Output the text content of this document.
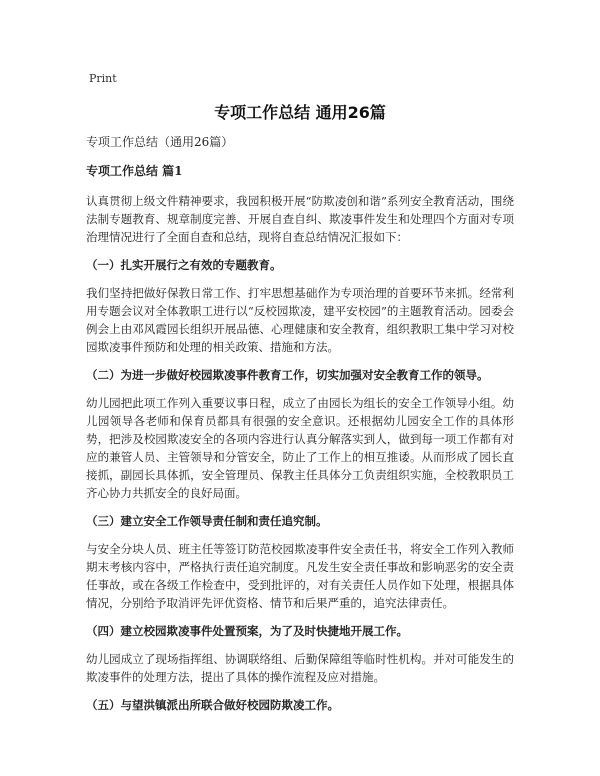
Print
专项工作总结 通用26篇
专项工作总结（通用26篇）
专项工作总结 篇1

认真贯彻上级文件精神要求，我园积极开展“防欺凌创和谐”系列安全教育活动，围绕法制专题教育、规章制度完善、开展自查自纠、欺凌事件发生和处理四个方面对专项治理情况进行了全面自查和总结，现将自查总结情况汇报如下：

（一）扎实开展行之有效的专题教育。

我们坚持把做好保教日常工作、打牢思想基础作为专项治理的首要环节来抓。经常利用专题会议对全体教职工进行以“反校园欺凌，建平安校园”的主题教育活动。园委会例会上由邓风霞园长组织开展品德、心理健康和安全教育，组织教职工集中学习对校园欺凌事件预防和处理的相关政策、措施和方法。

（二）为进一步做好校园欺凌事件教育工作，切实加强对安全教育工作的领导。

幼儿园把此项工作列入重要议事日程，成立了由园长为组长的安全工作领导小组。幼儿园领导各老师和保育员都具有很强的安全意识。还根据幼儿园安全工作的具体形势，把涉及校园欺凌安全的各项内容进行认真分解落实到人，做到每一项工作都有对应的兼管人员、主管领导和分管安全，防止了工作上的相互推诿。从而形成了园长直接抓，副园长具体抓，安全管理员、保教主任具体分工负责组织实施，全校教职员工齐心协力共抓安全的良好局面。

（三）建立安全工作领导责任制和责任追究制。

与安全分块人员、班主任等签订防范校园欺凌事件安全责任书，将安全工作列入教师期末考核内容中，严格执行责任追究制度。凡发生安全责任事故和影响恶劣的安全责任事故，或在各级工作检查中，受到批评的，对有关责任人员作如下处理，根据具体情况，分别给予取消评先评优资格、情节和后果严重的，追究法律责任。

（四）建立校园欺凌事件处置预案，为了及时快捷地开展工作。

幼儿园成立了现场指挥组、协调联络组、后勤保障组等临时性机构。并对可能发生的欺凌事件的处理方法，提出了具体的操作流程及应对措施。

（五）与望洪镇派出所联合做好校园防欺凌工作。
